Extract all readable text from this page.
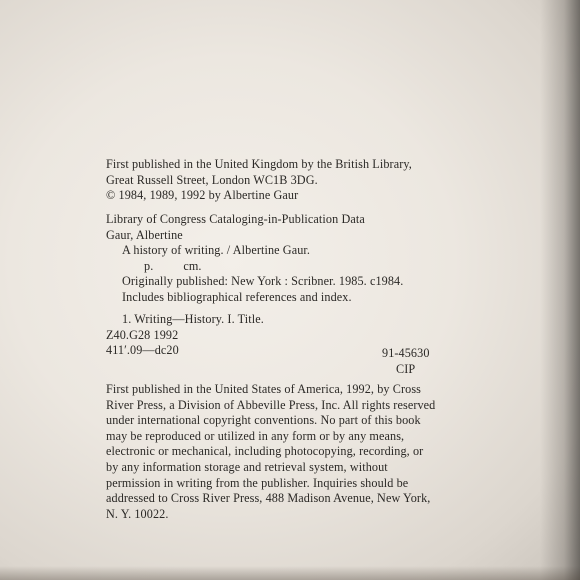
First published in the United Kingdom by the British Library,
Great Russell Street, London WC1B 3DG.
© 1984, 1989, 1992 by Albertine Gaur
Library of Congress Cataloging-in-Publication Data
Gaur, Albertine
A history of writing. / Albertine Gaur.
p. cm.
Originally published: New York : Scribner. 1985. c1984.
Includes bibliographical references and index.
1. Writing—History. I. Title.
Z40.G28 1992
411′.09—dc20	91-45630
CIP
First published in the United States of America, 1992, by Cross
River Press, a Division of Abbeville Press, Inc. All rights reserved
under international copyright conventions. No part of this book
may be reproduced or utilized in any form or by any means,
electronic or mechanical, including photocopying, recording, or
by any information storage and retrieval system, without
permission in writing from the publisher. Inquiries should be
addressed to Cross River Press, 488 Madison Avenue, New York,
N. Y. 10022.
